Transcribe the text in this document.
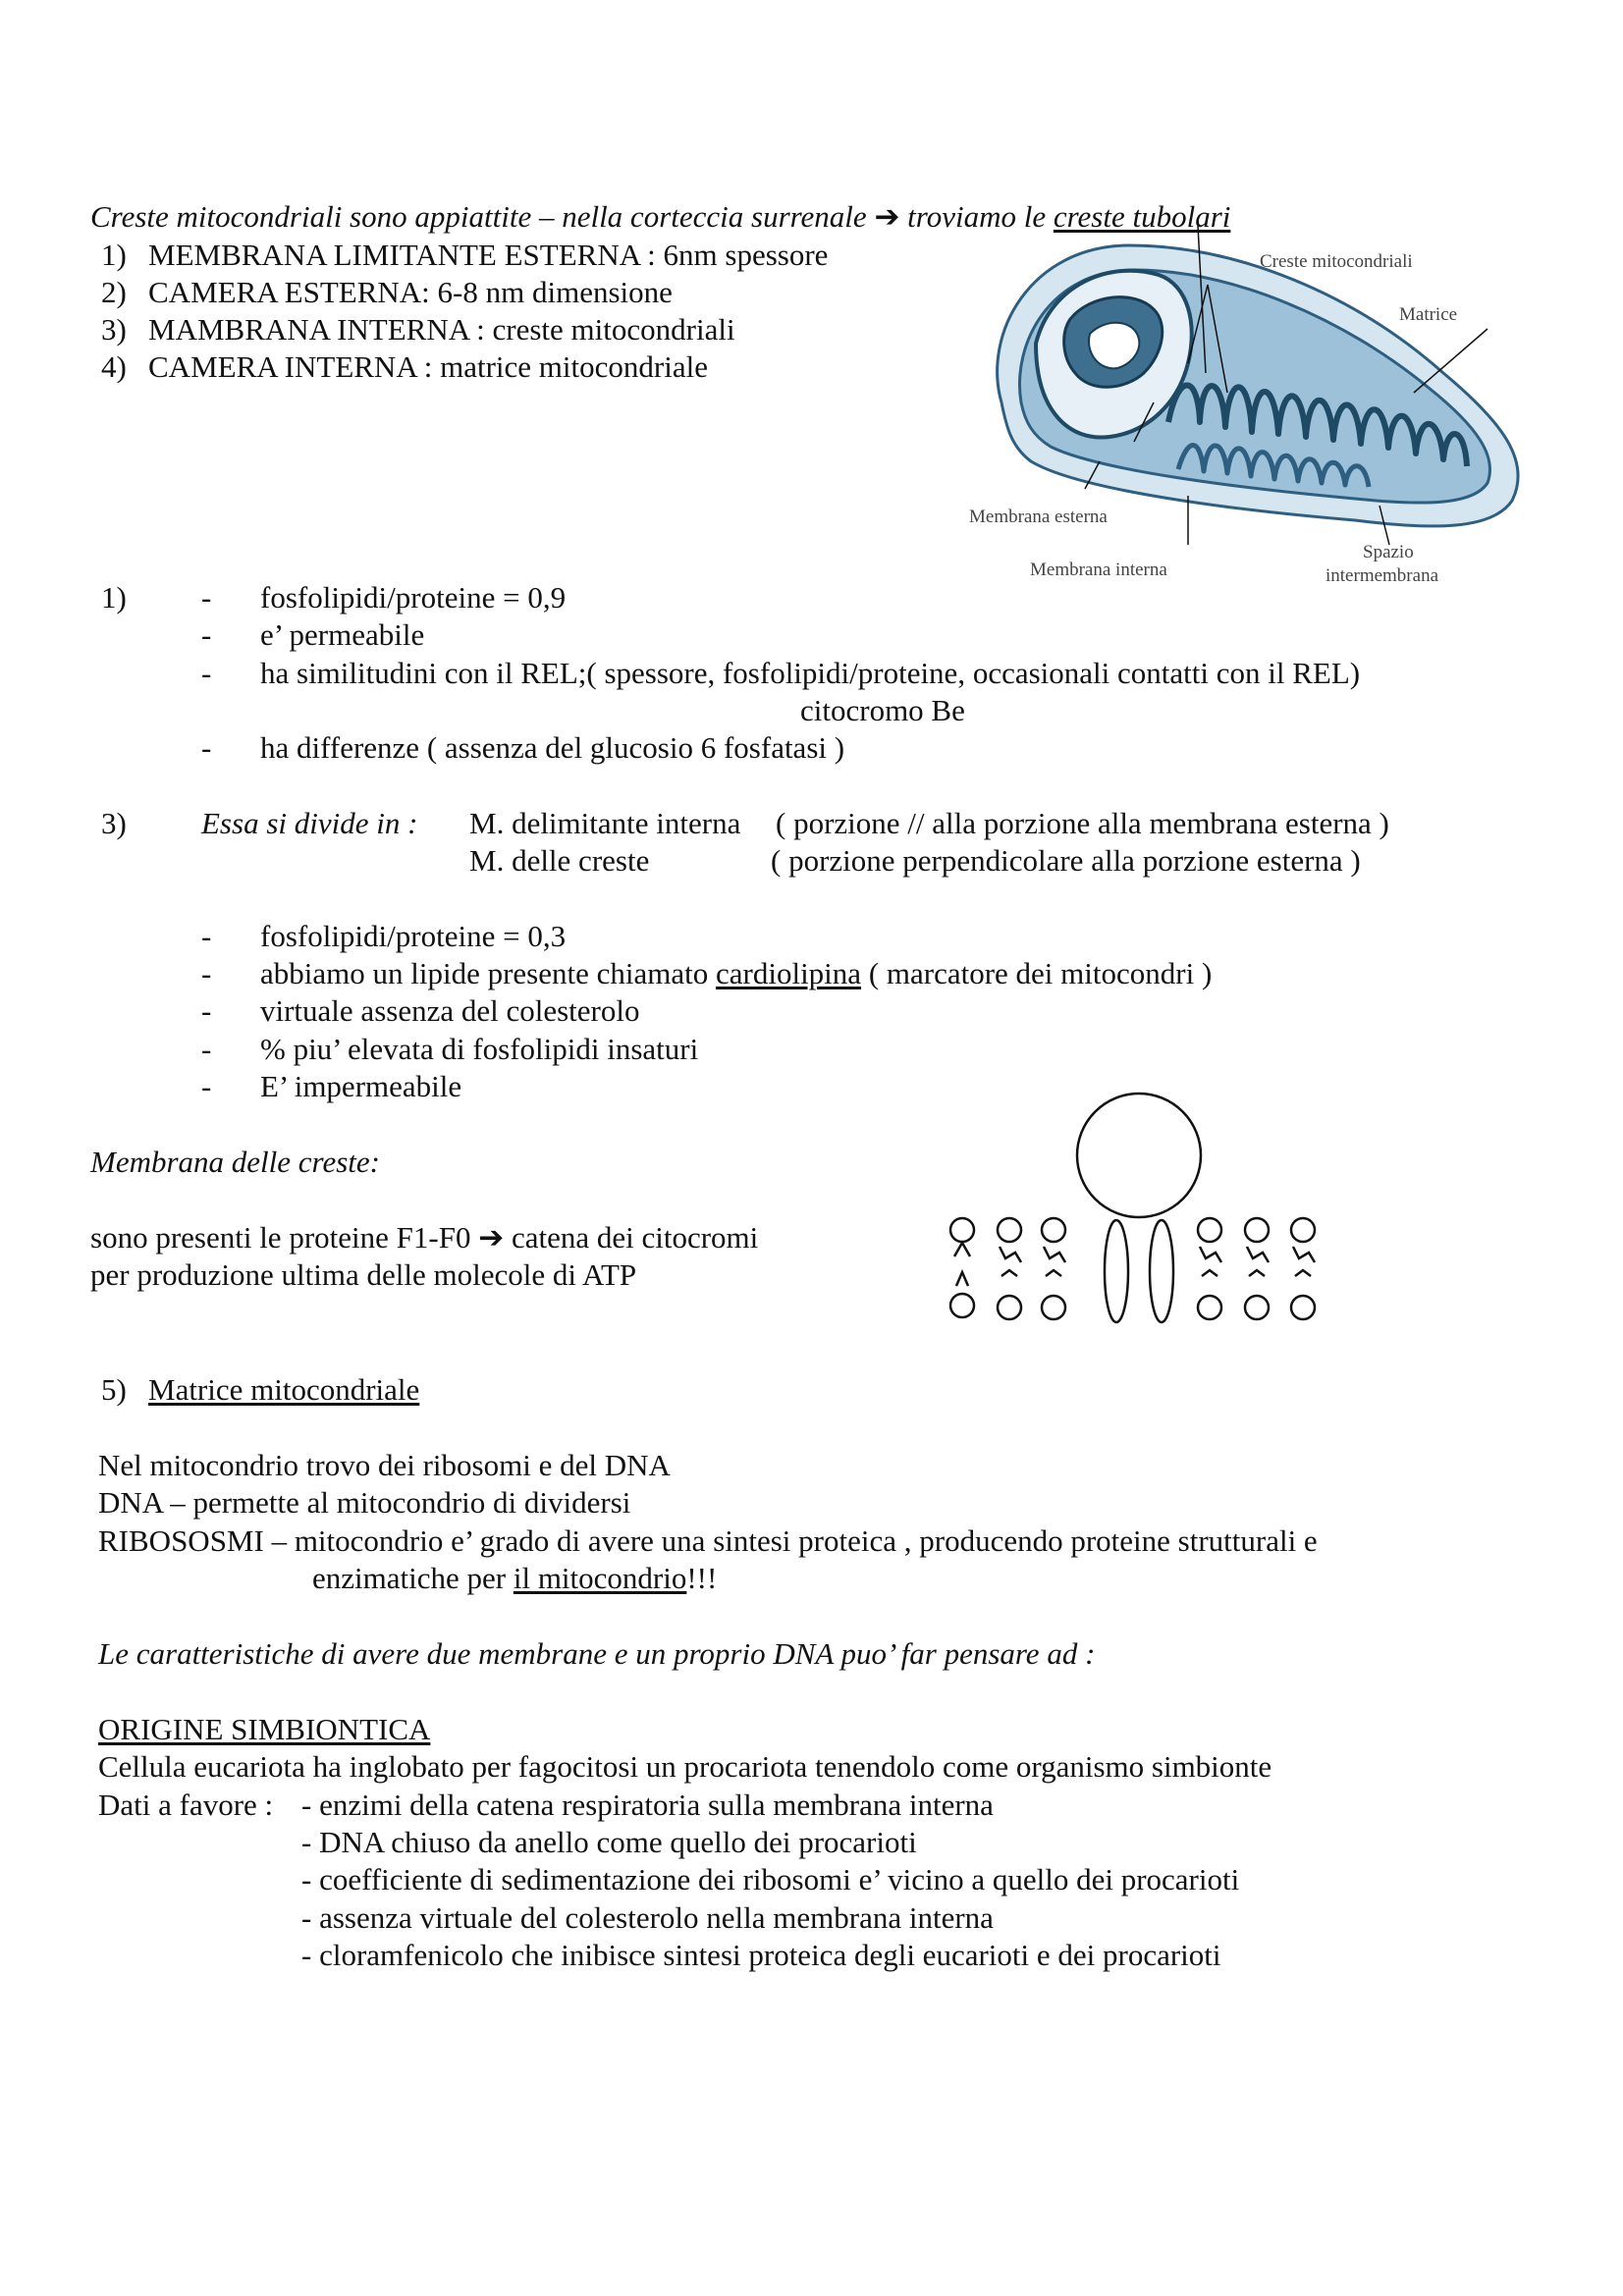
Creste mitocondriali sono appiattite – nella corteccia surrenale ➔ troviamo le creste tubolari
1) MEMBRANA LIMITANTE ESTERNA : 6nm spessore
2) CAMERA ESTERNA: 6-8 nm dimensione
3) MAMBRANA INTERNA : creste mitocondriali
4) CAMERA INTERNA : matrice mitocondriale
Creste mitocondriali
Matrice
Membrana esterna
Membrana interna
Spazio
intermembrana
1) - fosfolipidi/proteine = 0,9
- e’ permeabile
- ha similitudini con il REL;( spessore, fosfolipidi/proteine, occasionali contatti con il REL)
citocromo Be
- ha differenze ( assenza del glucosio 6 fosfatasi )
3) Essa si divide in : M. delimitante interna ( porzione // alla porzione alla membrana esterna )
M. delle creste	( porzione perpendicolare alla porzione esterna )
- fosfolipidi/proteine = 0,3
- abbiamo un lipide presente chiamato cardiolipina ( marcatore dei mitocondri )
- virtuale assenza del colesterolo
- % piu’ elevata di fosfolipidi insaturi
- E’ impermeabile
Membrana delle creste:
sono presenti le proteine F1-F0 ➔ catena dei citocromi
per produzione ultima delle molecole di ATP
5) Matrice mitocondriale
Nel mitocondrio trovo dei ribosomi e del DNA
DNA – permette al mitocondrio di dividersi
RIBOSOSMI – mitocondrio e’ grado di avere una sintesi proteica , producendo proteine strutturali e
enzimatiche per il mitocondrio!!!
Le caratteristiche di avere due membrane e un proprio DNA puo’ far pensare ad :
ORIGINE SIMBIONTICA
Cellula eucariota ha inglobato per fagocitosi un procariota tenendolo come organismo simbionte
Dati a favore : - enzimi della catena respiratoria sulla membrana interna
- DNA chiuso da anello come quello dei procarioti
- coefficiente di sedimentazione dei ribosomi e’ vicino a quello dei procarioti
- assenza virtuale del colesterolo nella membrana interna
- cloramfenicolo che inibisce sintesi proteica degli eucarioti e dei procarioti
